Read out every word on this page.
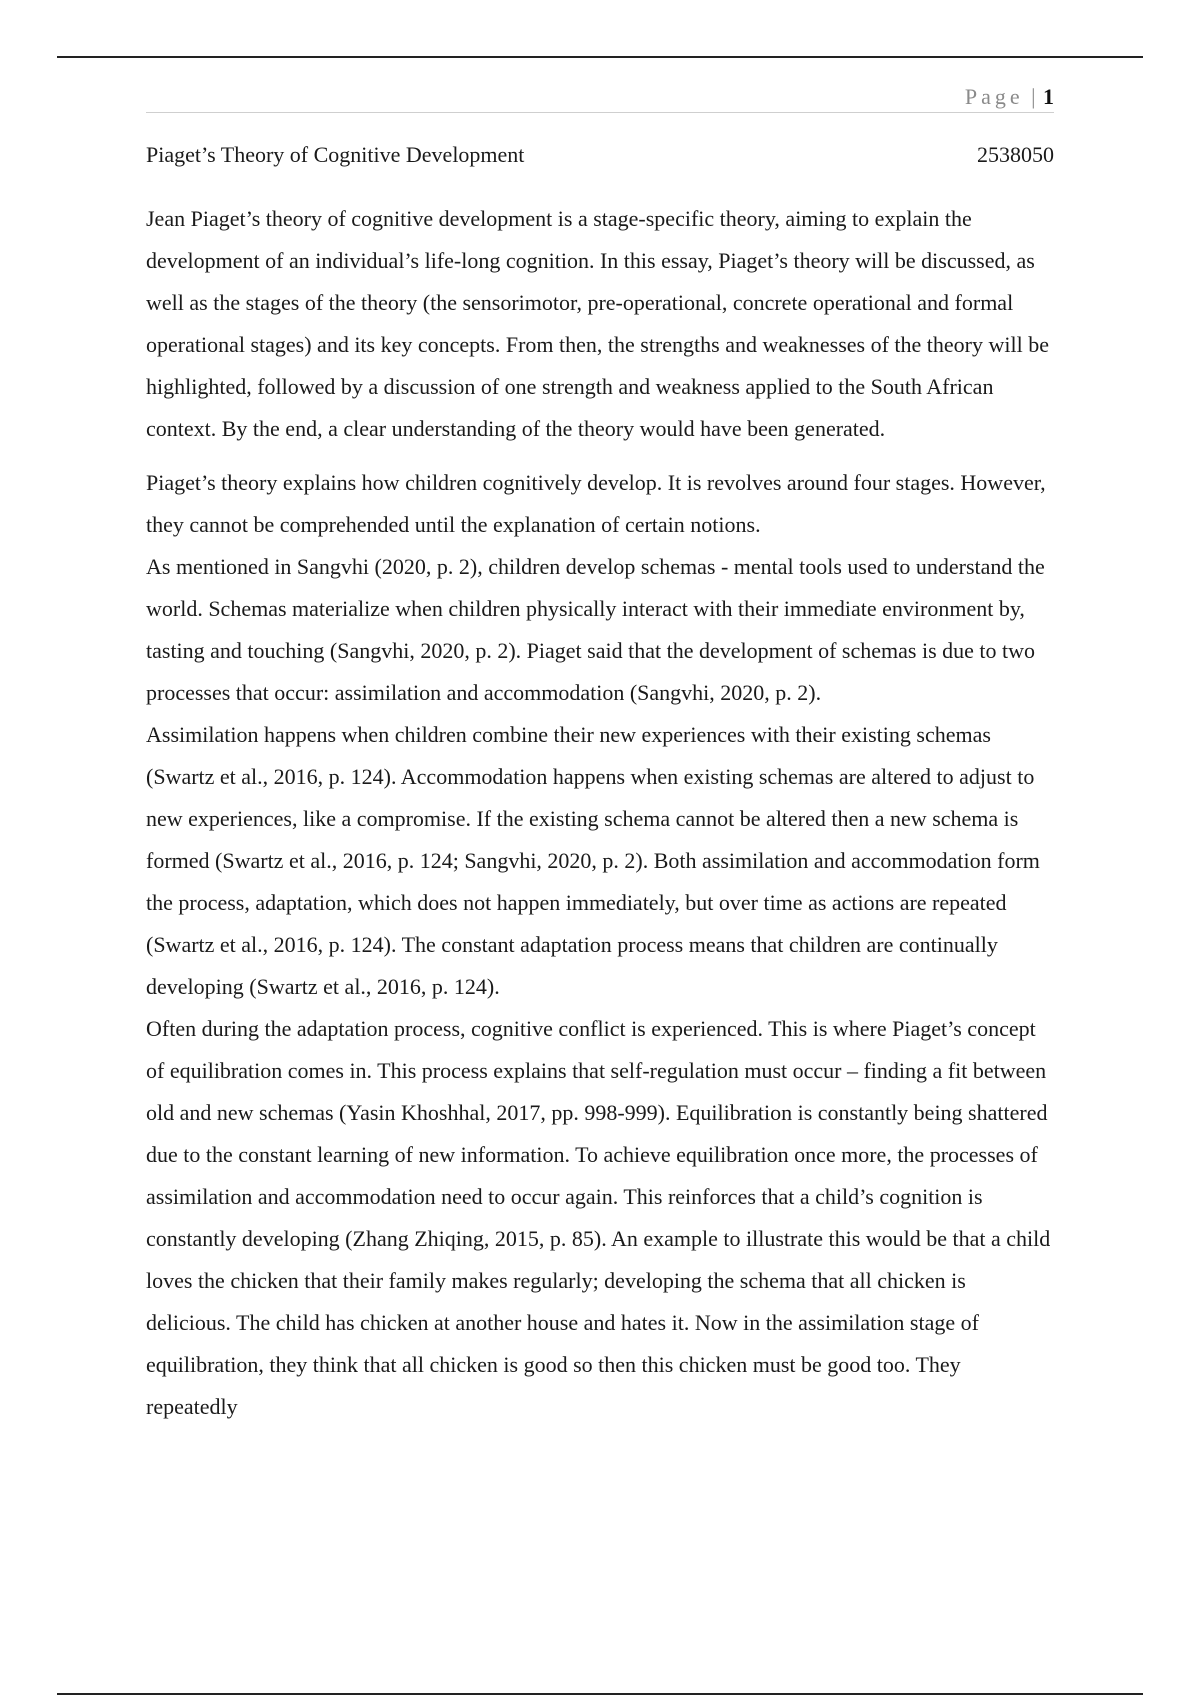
Page | 1
Piaget’s Theory of Cognitive Development	2538050

Jean Piaget’s theory of cognitive development is a stage-specific theory, aiming to explain the development of an individual’s life-long cognition. In this essay, Piaget’s theory will be discussed, as well as the stages of the theory (the sensorimotor, pre-operational, concrete operational and formal operational stages) and its key concepts. From then, the strengths and weaknesses of the theory will be highlighted, followed by a discussion of one strength and weakness applied to the South African context. By the end, a clear understanding of the theory would have been generated.

Piaget’s theory explains how children cognitively develop. It is revolves around four stages. However, they cannot be comprehended until the explanation of certain notions.

As mentioned in Sangvhi (2020, p. 2), children develop schemas - mental tools used to understand the world. Schemas materialize when children physically interact with their immediate environment by, tasting and touching (Sangvhi, 2020, p. 2). Piaget said that the development of schemas is due to two processes that occur: assimilation and accommodation (Sangvhi, 2020, p. 2).

Assimilation happens when children combine their new experiences with their existing schemas (Swartz et al., 2016, p. 124). Accommodation happens when existing schemas are altered to adjust to new experiences, like a compromise. If the existing schema cannot be altered then a new schema is formed (Swartz et al., 2016, p. 124; Sangvhi, 2020, p. 2). Both assimilation and accommodation form the process, adaptation, which does not happen immediately, but over time as actions are repeated (Swartz et al., 2016, p. 124). The constant adaptation process means that children are continually developing (Swartz et al., 2016, p. 124).

Often during the adaptation process, cognitive conflict is experienced. This is where Piaget’s concept of equilibration comes in. This process explains that self-regulation must occur – finding a fit between old and new schemas (Yasin Khoshhal, 2017, pp. 998-999). Equilibration is constantly being shattered due to the constant learning of new information. To achieve equilibration once more, the processes of assimilation and accommodation need to occur again. This reinforces that a child’s cognition is constantly developing (Zhang Zhiqing, 2015, p. 85). An example to illustrate this would be that a child loves the chicken that their family makes regularly; developing the schema that all chicken is delicious. The child has chicken at another house and hates it. Now in the assimilation stage of equilibration, they think that all chicken is good so then this chicken must be good too. They repeatedly
